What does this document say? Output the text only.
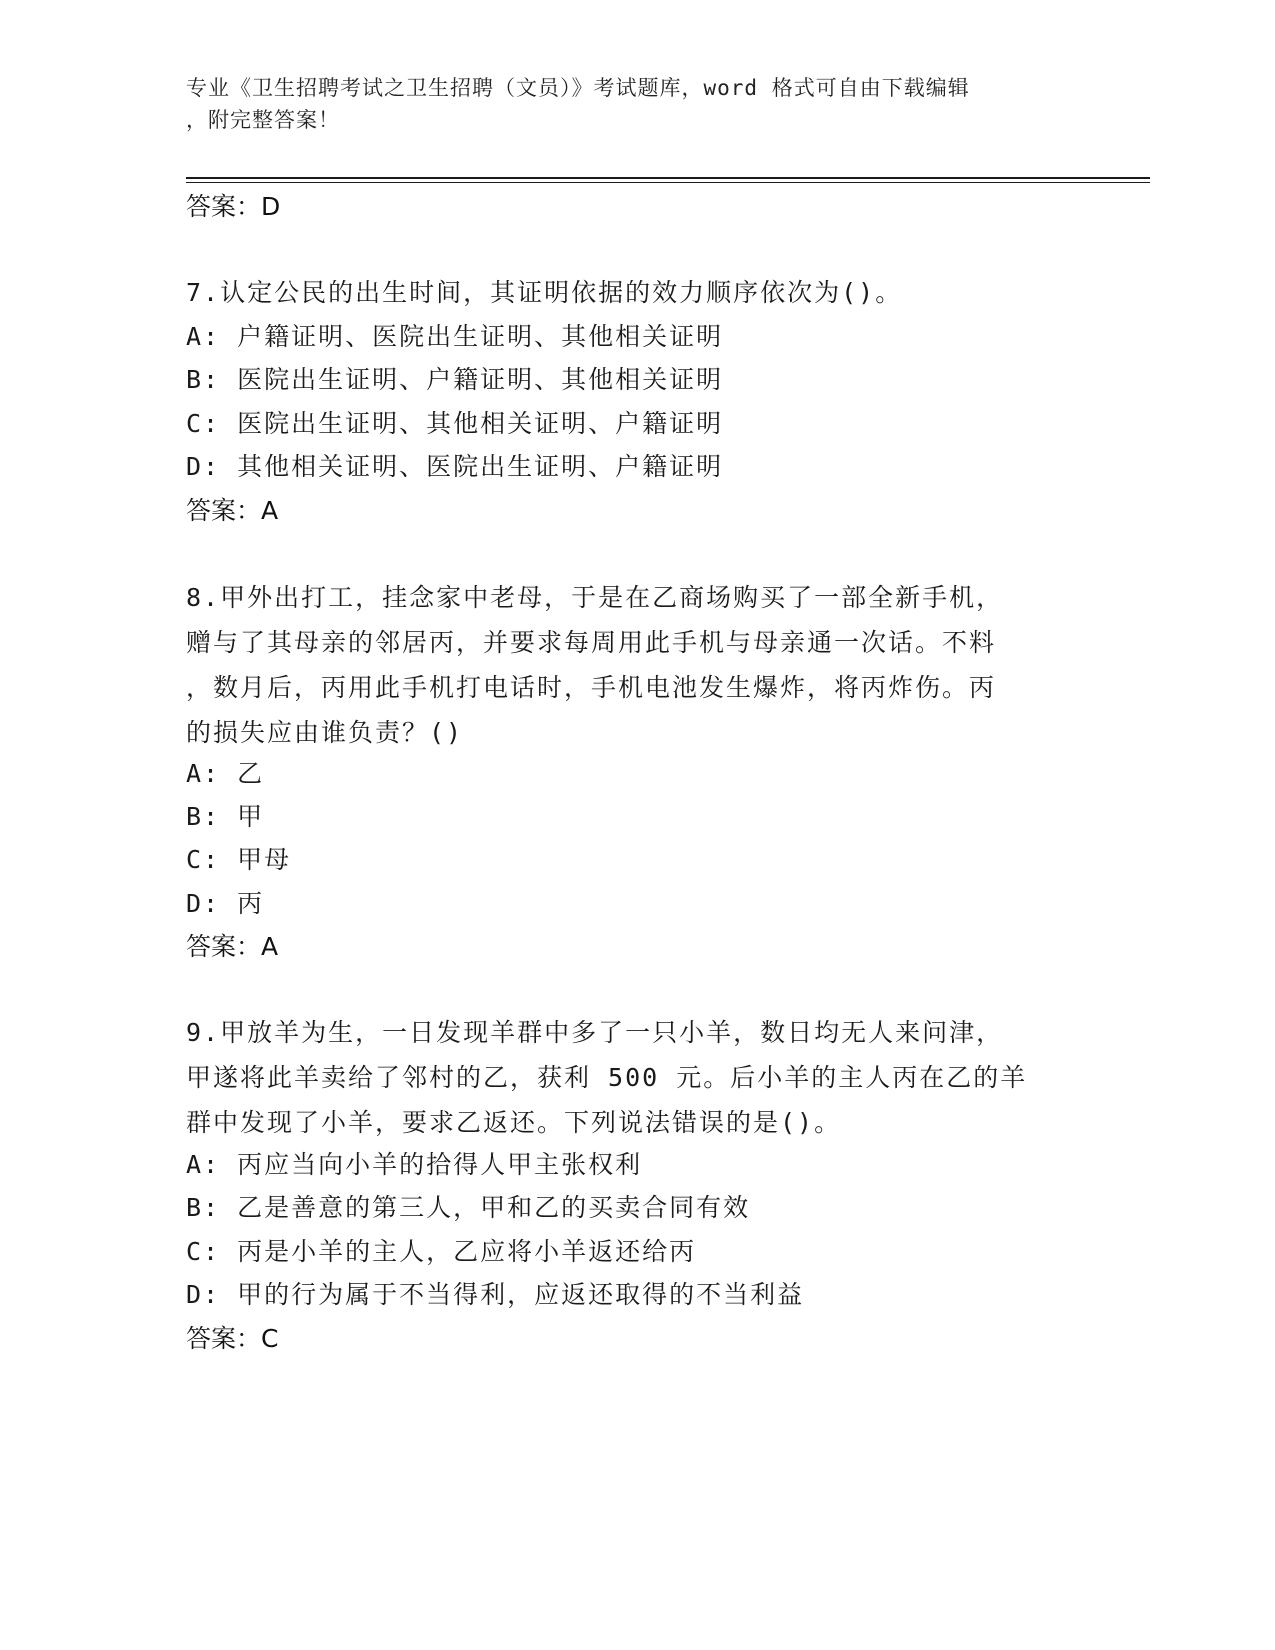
专业《卫生招聘考试之卫生招聘（文员）》考试题库，word 格式可自由下载编辑
，附完整答案！
答案：D
7.认定公民的出生时间，其证明依据的效力顺序依次为()。
A: 户籍证明、医院出生证明、其他相关证明
B: 医院出生证明、户籍证明、其他相关证明
C: 医院出生证明、其他相关证明、户籍证明
D: 其他相关证明、医院出生证明、户籍证明
答案：A
8.甲外出打工，挂念家中老母，于是在乙商场购买了一部全新手机，
赠与了其母亲的邻居丙，并要求每周用此手机与母亲通一次话。不料
，数月后，丙用此手机打电话时，手机电池发生爆炸，将丙炸伤。丙
的损失应由谁负责？()
A: 乙
B: 甲
C: 甲母
D: 丙
答案：A
9.甲放羊为生，一日发现羊群中多了一只小羊，数日均无人来问津，
甲遂将此羊卖给了邻村的乙，获利 500 元。后小羊的主人丙在乙的羊
群中发现了小羊，要求乙返还。下列说法错误的是()。
A: 丙应当向小羊的拾得人甲主张权利
B: 乙是善意的第三人，甲和乙的买卖合同有效
C: 丙是小羊的主人，乙应将小羊返还给丙
D: 甲的行为属于不当得利，应返还取得的不当利益
答案：C
